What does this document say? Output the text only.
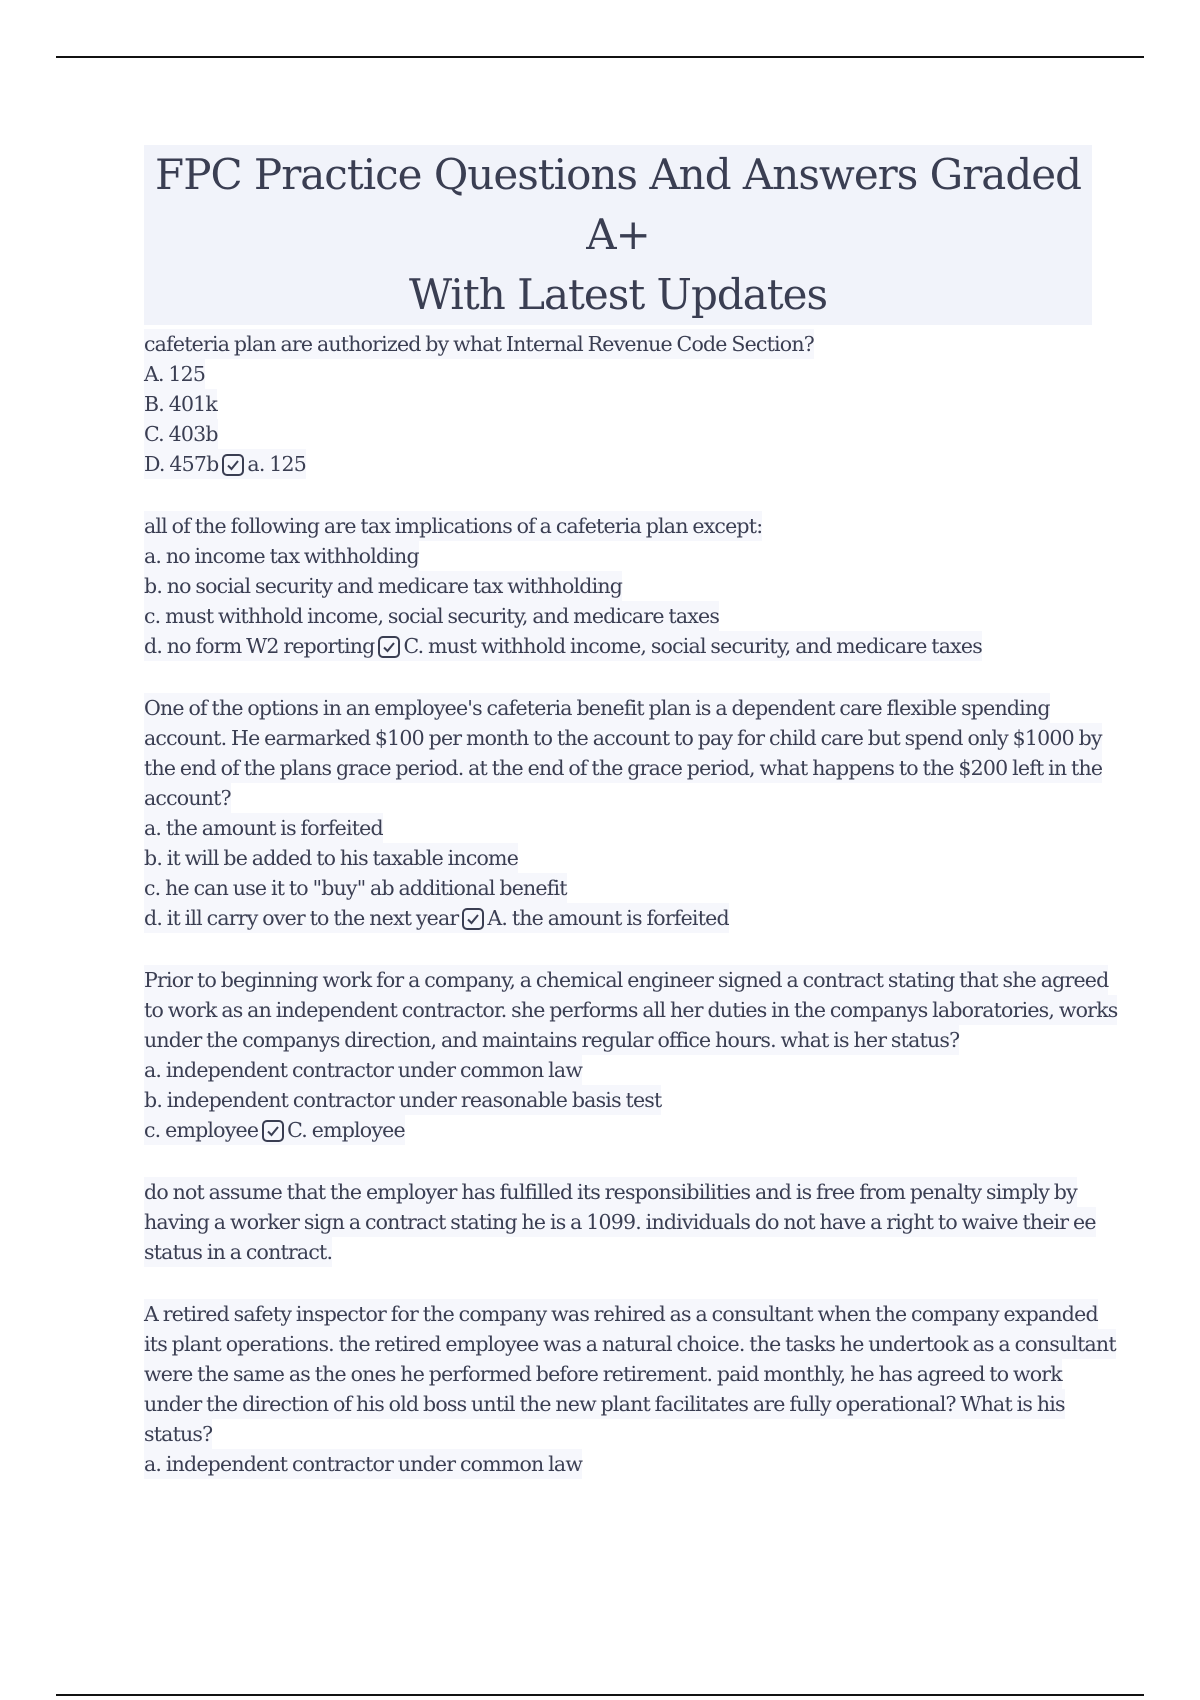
FPC Practice Questions And Answers Graded A+
With Latest Updates
cafeteria plan are authorized by what Internal Revenue Code Section?
A. 125
B. 401k
C. 403b
D. 457b a. 125
all of the following are tax implications of a cafeteria plan except:
a. no income tax withholding
b. no social security and medicare tax withholding
c. must withhold income, social security, and medicare taxes
d. no form W2 reporting C. must withhold income, social security, and medicare taxes
One of the options in an employee's cafeteria benefit plan is a dependent care flexible spending
account. He earmarked $100 per month to the account to pay for child care but spend only $1000 by
the end of the plans grace period. at the end of the grace period, what happens to the $200 left in the
account?
a. the amount is forfeited
b. it will be added to his taxable income
c. he can use it to "buy" ab additional benefit
d. it ill carry over to the next year A. the amount is forfeited
Prior to beginning work for a company, a chemical engineer signed a contract stating that she agreed
to work as an independent contractor. she performs all her duties in the companys laboratories, works
under the companys direction, and maintains regular office hours. what is her status?
a. independent contractor under common law
b. independent contractor under reasonable basis test
c. employee C. employee
do not assume that the employer has fulfilled its responsibilities and is free from penalty simply by
having a worker sign a contract stating he is a 1099. individuals do not have a right to waive their ee
status in a contract.
A retired safety inspector for the company was rehired as a consultant when the company expanded
its plant operations. the retired employee was a natural choice. the tasks he undertook as a consultant
were the same as the ones he performed before retirement. paid monthly, he has agreed to work
under the direction of his old boss until the new plant facilitates are fully operational? What is his
status?
a. independent contractor under common law
